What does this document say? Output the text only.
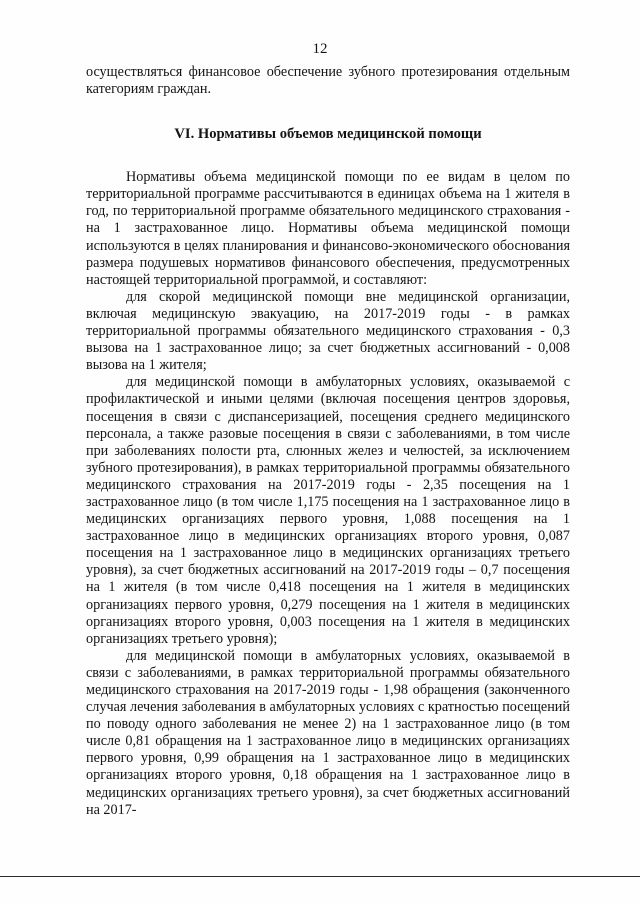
12

осуществляться финансовое обеспечение зубного протезирования отдельным категориям граждан.

VI. Нормативы объемов медицинской помощи

Нормативы объема медицинской помощи по ее видам в целом по территориальной программе рассчитываются в единицах объема на 1 жителя в год, по территориальной программе обязательного медицинского страхования - на 1 застрахованное лицо. Нормативы объема медицинской помощи используются в целях планирования и финансово-экономического обоснования размера подушевых нормативов финансового обеспечения, предусмотренных настоящей территориальной программой, и составляют:

для скорой медицинской помощи вне медицинской организации, включая медицинскую эвакуацию, на 2017-2019 годы - в рамках территориальной программы обязательного медицинского страхования - 0,3 вызова на 1 застрахованное лицо; за счет бюджетных ассигнований - 0,008 вызова на 1 жителя;

для медицинской помощи в амбулаторных условиях, оказываемой с профилактической и иными целями (включая посещения центров здоровья, посещения в связи с диспансеризацией, посещения среднего медицинского персонала, а также разовые посещения в связи с заболеваниями, в том числе при заболеваниях полости рта, слюнных желез и челюстей, за исключением зубного протезирования), в рамках территориальной программы обязательного медицинского страхования на 2017-2019 годы - 2,35 посещения на 1 застрахованное лицо (в том числе 1,175 посещения на 1 застрахованное лицо в медицинских организациях первого уровня, 1,088 посещения на 1 застрахованное лицо в медицинских организациях второго уровня, 0,087 посещения на 1 застрахованное лицо в медицинских организациях третьего уровня), за счет бюджетных ассигнований на 2017-2019 годы – 0,7 посещения на 1 жителя (в том числе 0,418 посещения на 1 жителя в медицинских организациях первого уровня, 0,279 посещения на 1 жителя в медицинских организациях второго уровня, 0,003 посещения на 1 жителя в медицинских организациях третьего уровня);

для медицинской помощи в амбулаторных условиях, оказываемой в связи с заболеваниями, в рамках территориальной программы обязательного медицинского страхования на 2017-2019 годы - 1,98 обращения (законченного случая лечения заболевания в амбулаторных условиях с кратностью посещений по поводу одного заболевания не менее 2) на 1 застрахованное лицо (в том числе 0,81 обращения на 1 застрахованное лицо в медицинских организациях первого уровня, 0,99 обращения на 1 застрахованное лицо в медицинских организациях второго уровня, 0,18 обращения на 1 застрахованное лицо в медицинских организациях третьего уровня), за счет бюджетных ассигнований на 2017-
